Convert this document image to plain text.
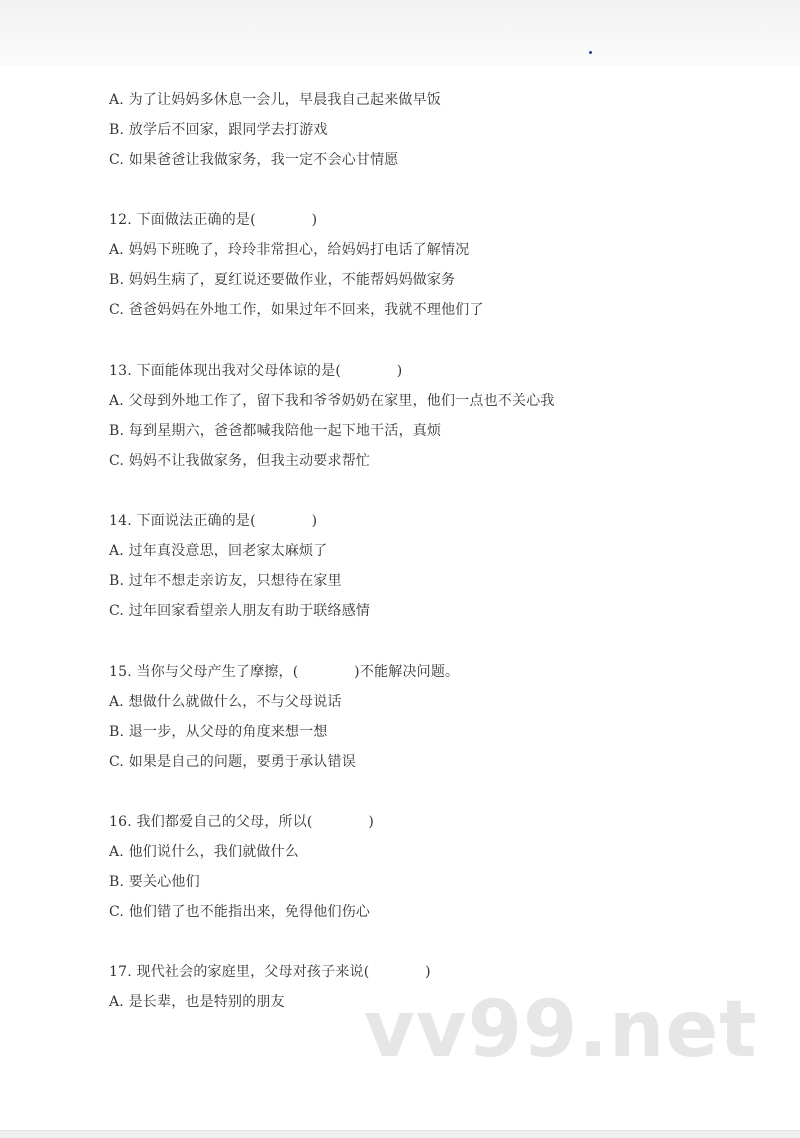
A. 为了让妈妈多休息一会儿，早晨我自己起来做早饭
B. 放学后不回家，跟同学去打游戏
C. 如果爸爸让我做家务，我一定不会心甘情愿
12. 下面做法正确的是(            )
A. 妈妈下班晚了，玲玲非常担心，给妈妈打电话了解情况
B. 妈妈生病了，夏红说还要做作业，不能帮妈妈做家务
C. 爸爸妈妈在外地工作，如果过年不回来，我就不理他们了
13. 下面能体现出我对父母体谅的是(            )
A. 父母到外地工作了，留下我和爷爷奶奶在家里，他们一点也不关心我
B. 每到星期六，爸爸都喊我陪他一起下地干活，真烦
C. 妈妈不让我做家务，但我主动要求帮忙
14. 下面说法正确的是(            )
A. 过年真没意思，回老家太麻烦了
B. 过年不想走亲访友，只想待在家里
C. 过年回家看望亲人朋友有助于联络感情
15. 当你与父母产生了摩擦，(            )不能解决问题。
A. 想做什么就做什么，不与父母说话
B. 退一步，从父母的角度来想一想
C. 如果是自己的问题，要勇于承认错误
16. 我们都爱自己的父母，所以(            )
A. 他们说什么，我们就做什么
B. 要关心他们
C. 他们错了也不能指出来，免得他们伤心
17. 现代社会的家庭里，父母对孩子来说(            )
A. 是长辈，也是特别的朋友 vv99.net
